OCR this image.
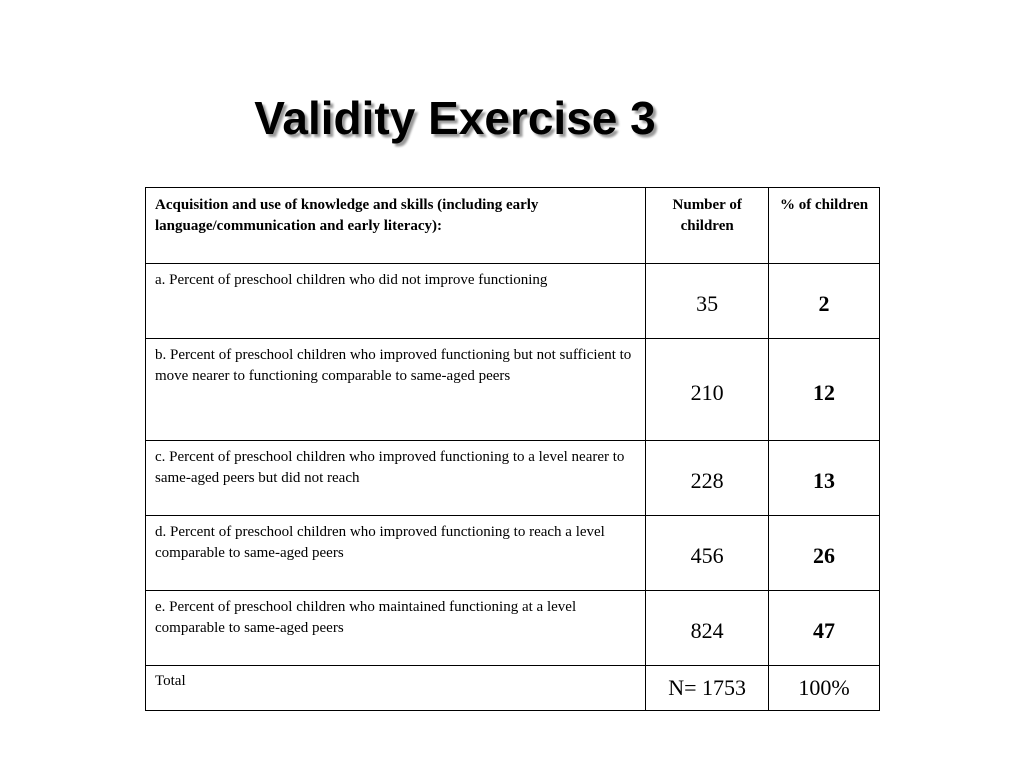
Validity Exercise 3
Acquisition and use of knowledge and skills (including early language/communication and early literacy):	Number of children	% of children
a. Percent of preschool children who did not improve functioning	35	2
b. Percent of preschool children who improved functioning but not sufficient to move nearer to functioning comparable to same-aged peers	210	12
c. Percent of preschool children who improved functioning to a level nearer to same-aged peers but did not reach	228	13
d. Percent of preschool children who improved functioning to reach a level comparable to same-aged peers	456	26
e. Percent of preschool children who maintained functioning at a level comparable to same-aged peers	824	47
Total	N= 1753	100%
